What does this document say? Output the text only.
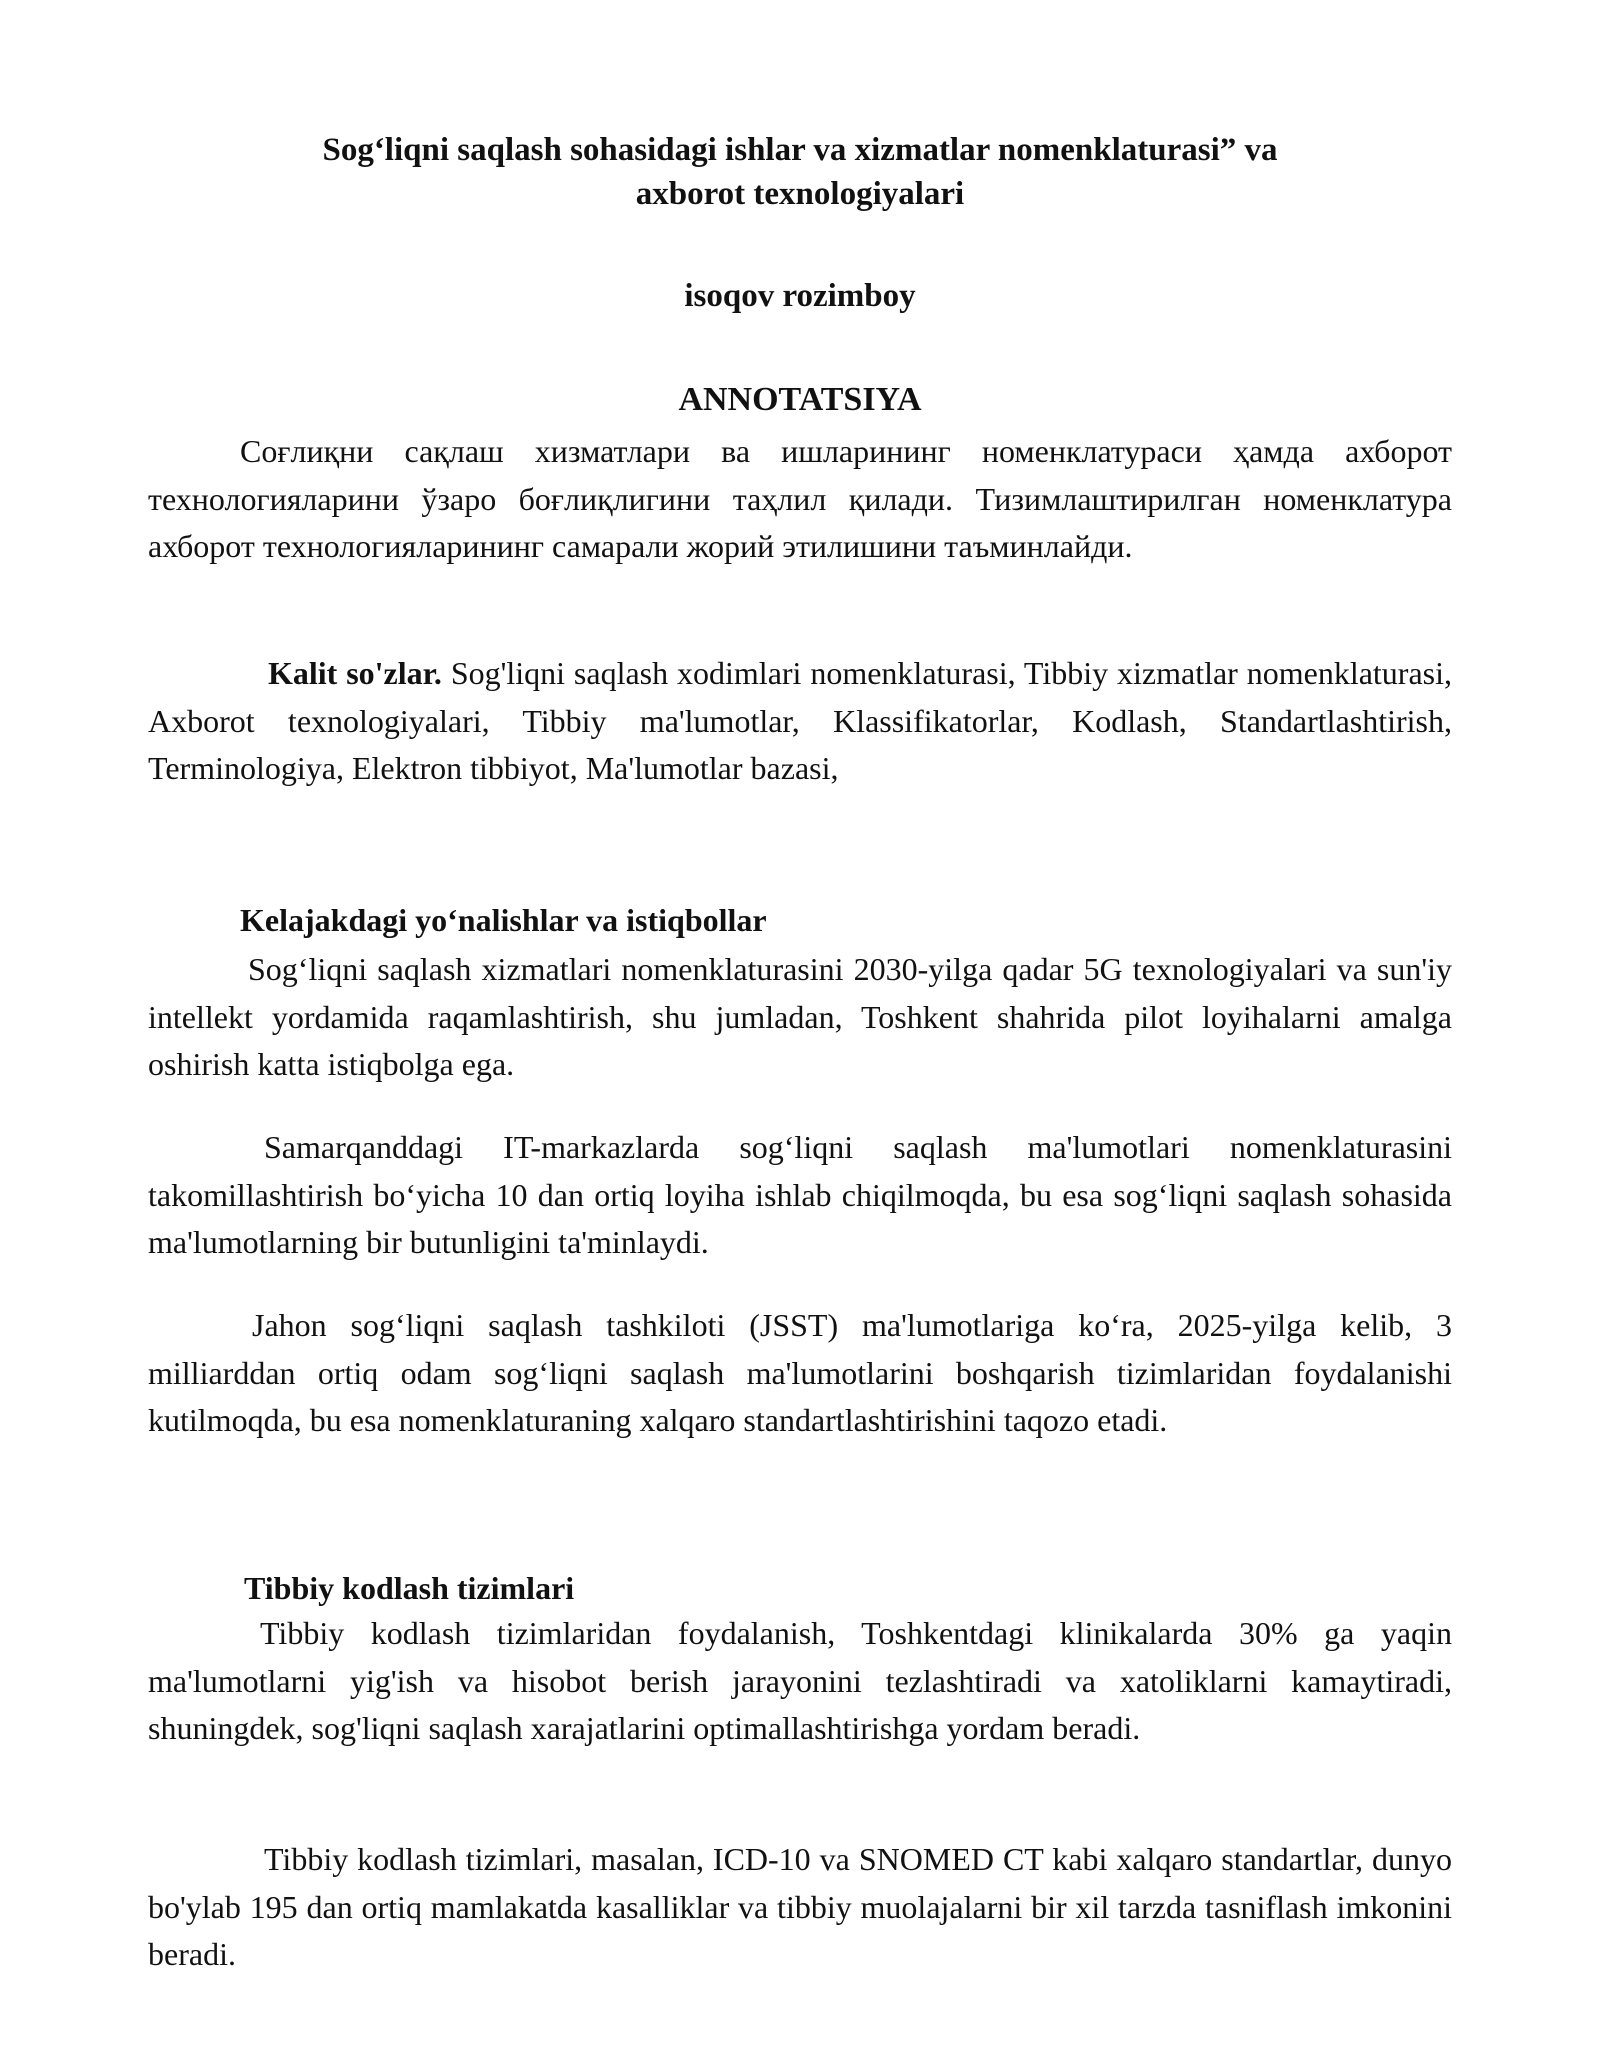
Sog‘liqni saqlash sohasidagi ishlar va xizmatlar nomenklaturasi” va
axborot texnologiyalari
isoqov rozimboy
ANNOTATSIYA

Соғлиқни сақлаш хизматлари ва ишларининг номенклатураси ҳамда ахборот технологияларини ўзаро боғлиқлигини таҳлил қилади. Тизимлаштирилган номенклатура ахборот технологияларининг самарали жорий этилишини таъминлайди.

Kalit so'zlar. Sog'liqni saqlash xodimlari nomenklaturasi, Tibbiy xizmatlar nomenklaturasi, Axborot texnologiyalari, Tibbiy ma'lumotlar, Klassifikatorlar, Kodlash, Standartlashtirish, Terminologiya, Elektron tibbiyot, Ma'lumotlar bazasi,

Kelajakdagi yo‘nalishlar va istiqbollar

Sog‘liqni saqlash xizmatlari nomenklaturasini 2030-yilga qadar 5G texnologiyalari va sun'iy intellekt yordamida raqamlashtirish, shu jumladan, Toshkent shahrida pilot loyihalarni amalga oshirish katta istiqbolga ega.

Samarqanddagi IT-markazlarda sog‘liqni saqlash ma'lumotlari nomenklaturasini takomillashtirish bo‘yicha 10 dan ortiq loyiha ishlab chiqilmoqda, bu esa sog‘liqni saqlash sohasida ma'lumotlarning bir butunligini ta'minlaydi.

Jahon sog‘liqni saqlash tashkiloti (JSST) ma'lumotlariga ko‘ra, 2025-yilga kelib, 3 milliarddan ortiq odam sog‘liqni saqlash ma'lumotlarini boshqarish tizimlaridan foydalanishi kutilmoqda, bu esa nomenklaturaning xalqaro standartlashtirishini taqozo etadi.

Tibbiy kodlash tizimlari

Tibbiy kodlash tizimlaridan foydalanish, Toshkentdagi klinikalarda 30% ga yaqin ma'lumotlarni yig'ish va hisobot berish jarayonini tezlashtiradi va xatoliklarni kamaytiradi, shuningdek, sog'liqni saqlash xarajatlarini optimallashtirishga yordam beradi.

Tibbiy kodlash tizimlari, masalan, ICD-10 va SNOMED CT kabi xalqaro standartlar, dunyo bo'ylab 195 dan ortiq mamlakatda kasalliklar va tibbiy muolajalarni bir xil tarzda tasniflash imkonini beradi.
